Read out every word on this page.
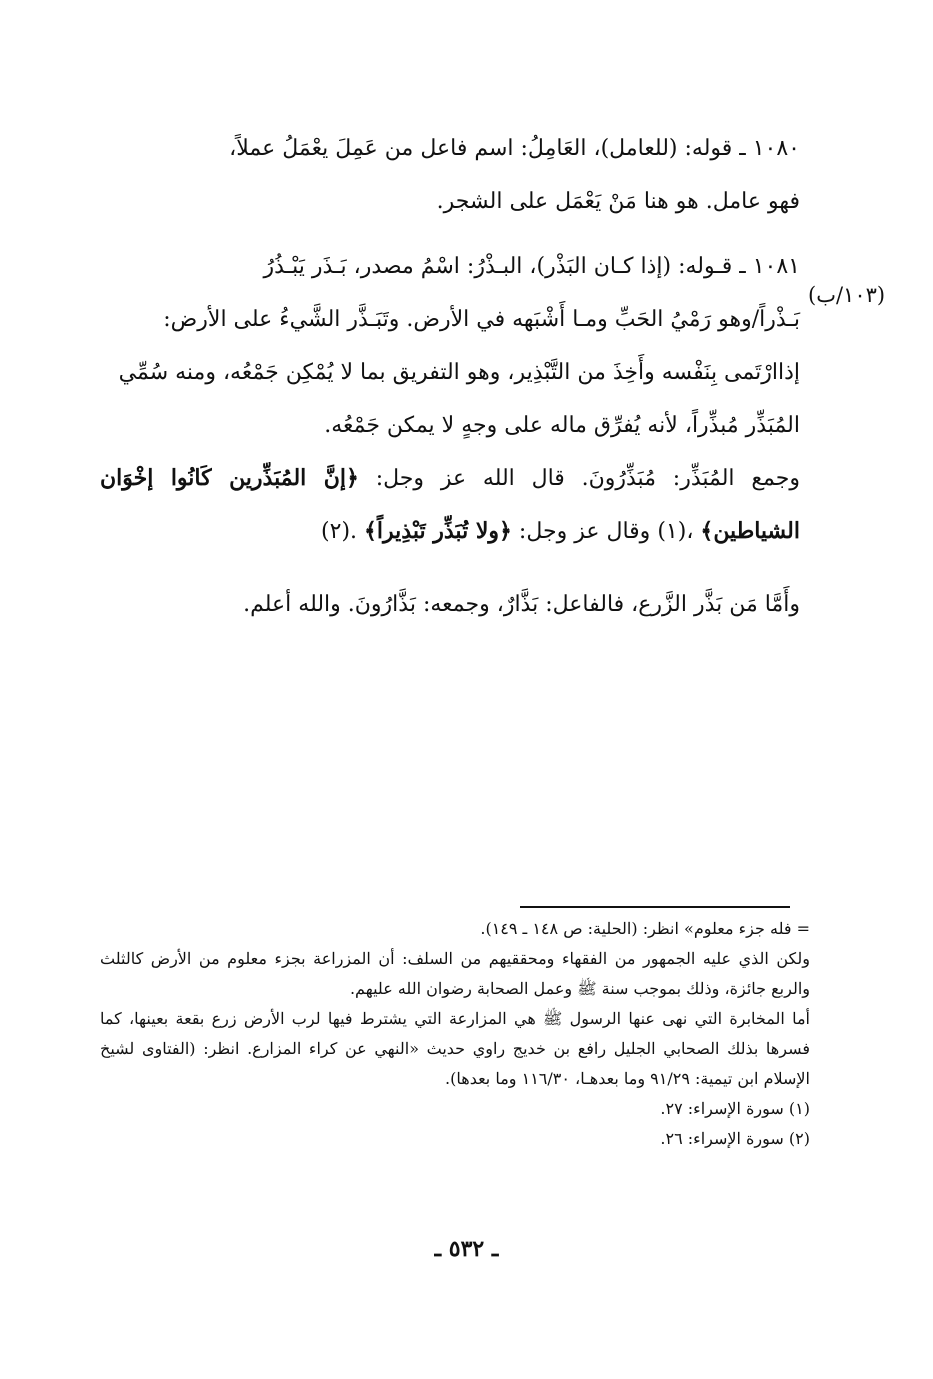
١٠٨٠ ـ قوله: (للعامل)، العَامِلُ: اسم فاعل من عَمِلَ يعْمَلُ عملاً،

فهو عامل. هو هنا مَنْ يَعْمَل على الشجر.

(١٠٣/ب)

١٠٨١ ـ قـوله: (إذا كـان البَذْر)، البـذْرُ: اسْمُ مصدر، بَـذَر يَبْـذُرُ

بَـذْراً/وهو رَمْيُ الحَبِّ ومـا أَشْبَهه في الأرض. وتَبَـذَّر الشَّيءُ على الأرض:

إذاارْتَمى بِنَفْسه وأَخِذَ من التَّبْذِير، وهو التفريق بما لا يُمْكِن جَمْعُه، ومنه سُمِّي

المُبَذِّر مُبذِّراً، لأنه يُفرِّق ماله على وجهٍ لا يمكن جَمْعُه.

وجمع المُبَذِّر: مُبَذِّرُونَ. قال الله عز وجل: ﴿إنَّ المُبَذِّرين كَانُوا إخْوَان الشياطين﴾ ،(١) وقال عز وجل: ﴿ولا تُبَذِّر تَبْذِيراً﴾ .(٢)

وأَمَّا مَن بَذَّر الزَّرع، فالفاعل: بَذَّارٌ، وجمعه: بَذَّارُونَ. والله أعلم.

= فله جزء معلوم» انظر: (الحلية: ص ١٤٨ ـ ١٤٩).

ولكن الذي عليه الجمهور من الفقهاء ومحققيهم من السلف: أن المزراعة بجزء معلوم من الأرض كالثلث والربع جائزة، وذلك بموجب سنة ﷺ وعمل الصحابة رضوان الله عليهم.

أما المخابرة التي نهى عنها الرسول ﷺ هي المزارعة التي يشترط فيها لرب الأرض زرع بقعة بعينها، كما فسرها بذلك الصحابي الجليل رافع بن خديج راوي حديث «النهي عن كراء المزارع. انظر: (الفتاوى لشيخ الإسلام ابن تيمية: ٩١/٢٩ وما بعدهـا، ١١٦/٣٠ وما بعدها).

(١) سورة الإسراء: ٢٧.

(٢) سورة الإسراء: ٢٦.

ـ ٥٣٢ ـ
